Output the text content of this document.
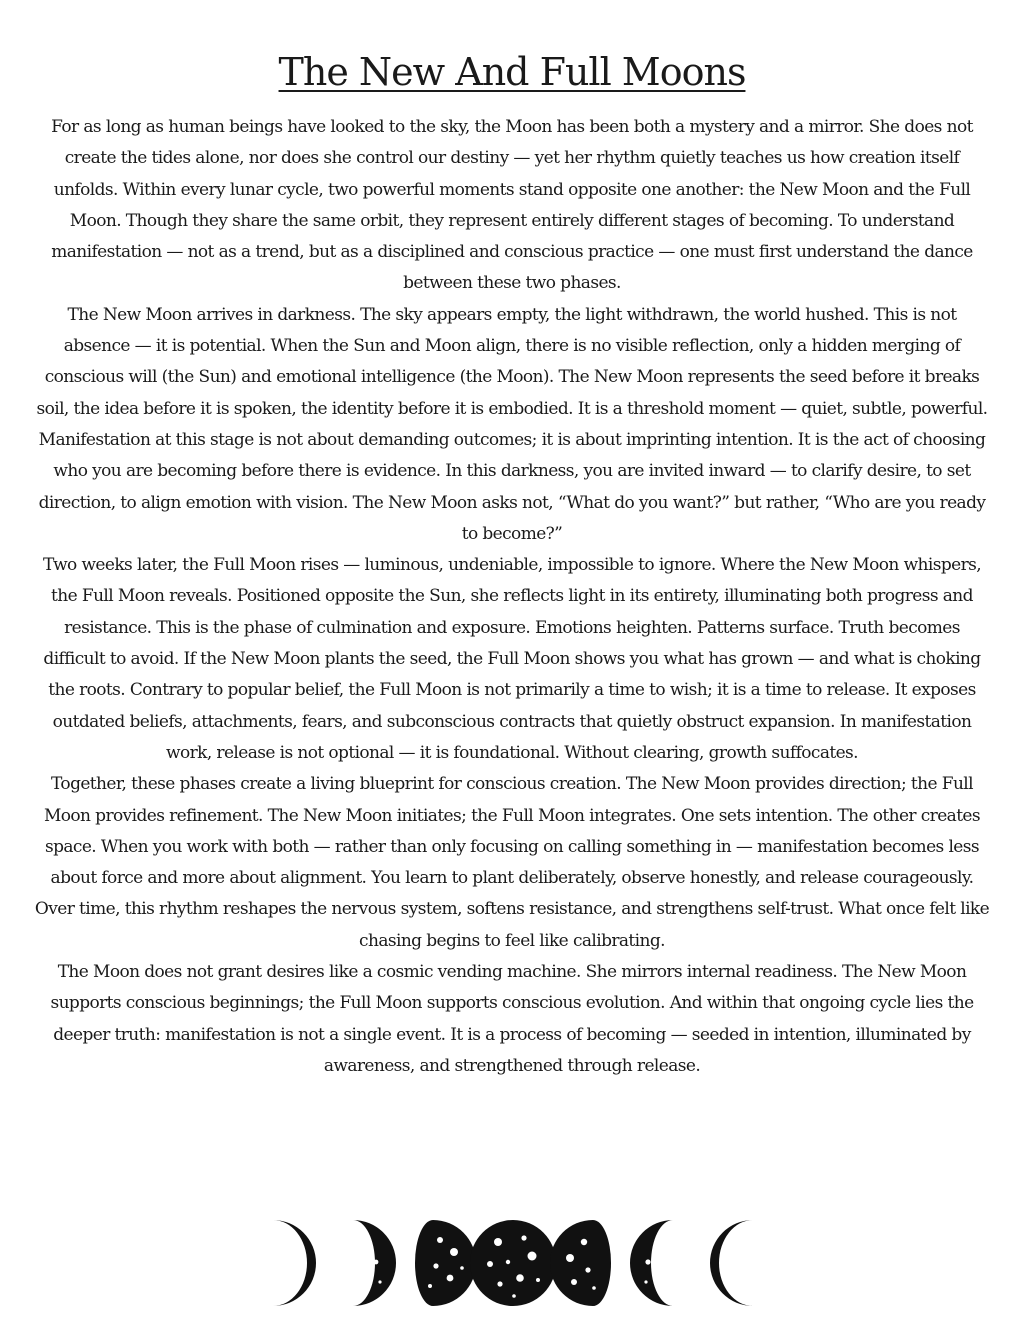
The New And Full Moons

For as long as human beings have looked to the sky, the Moon has been both a mystery and a mirror. She does not create the tides alone, nor does she control our destiny — yet her rhythm quietly teaches us how creation itself unfolds. Within every lunar cycle, two powerful moments stand opposite one another: the New Moon and the Full Moon. Though they share the same orbit, they represent entirely different stages of becoming. To understand manifestation — not as a trend, but as a disciplined and conscious practice — one must first understand the dance between these two phases.

The New Moon arrives in darkness. The sky appears empty, the light withdrawn, the world hushed. This is not absence — it is potential. When the Sun and Moon align, there is no visible reflection, only a hidden merging of conscious will (the Sun) and emotional intelligence (the Moon). The New Moon represents the seed before it breaks soil, the idea before it is spoken, the identity before it is embodied. It is a threshold moment — quiet, subtle, powerful. Manifestation at this stage is not about demanding outcomes; it is about imprinting intention. It is the act of choosing who you are becoming before there is evidence. In this darkness, you are invited inward — to clarify desire, to set direction, to align emotion with vision. The New Moon asks not, “What do you want?” but rather, “Who are you ready to become?”

Two weeks later, the Full Moon rises — luminous, undeniable, impossible to ignore. Where the New Moon whispers, the Full Moon reveals. Positioned opposite the Sun, she reflects light in its entirety, illuminating both progress and resistance. This is the phase of culmination and exposure. Emotions heighten. Patterns surface. Truth becomes difficult to avoid. If the New Moon plants the seed, the Full Moon shows you what has grown — and what is choking the roots. Contrary to popular belief, the Full Moon is not primarily a time to wish; it is a time to release. It exposes outdated beliefs, attachments, fears, and subconscious contracts that quietly obstruct expansion. In manifestation work, release is not optional — it is foundational. Without clearing, growth suffocates.

Together, these phases create a living blueprint for conscious creation. The New Moon provides direction; the Full Moon provides refinement. The New Moon initiates; the Full Moon integrates. One sets intention. The other creates space. When you work with both — rather than only focusing on calling something in — manifestation becomes less about force and more about alignment. You learn to plant deliberately, observe honestly, and release courageously. Over time, this rhythm reshapes the nervous system, softens resistance, and strengthens self-trust. What once felt like chasing begins to feel like calibrating.

The Moon does not grant desires like a cosmic vending machine. She mirrors internal readiness. The New Moon supports conscious beginnings; the Full Moon supports conscious evolution. And within that ongoing cycle lies the deeper truth: manifestation is not a single event. It is a process of becoming — seeded in intention, illuminated by awareness, and strengthened through release.
